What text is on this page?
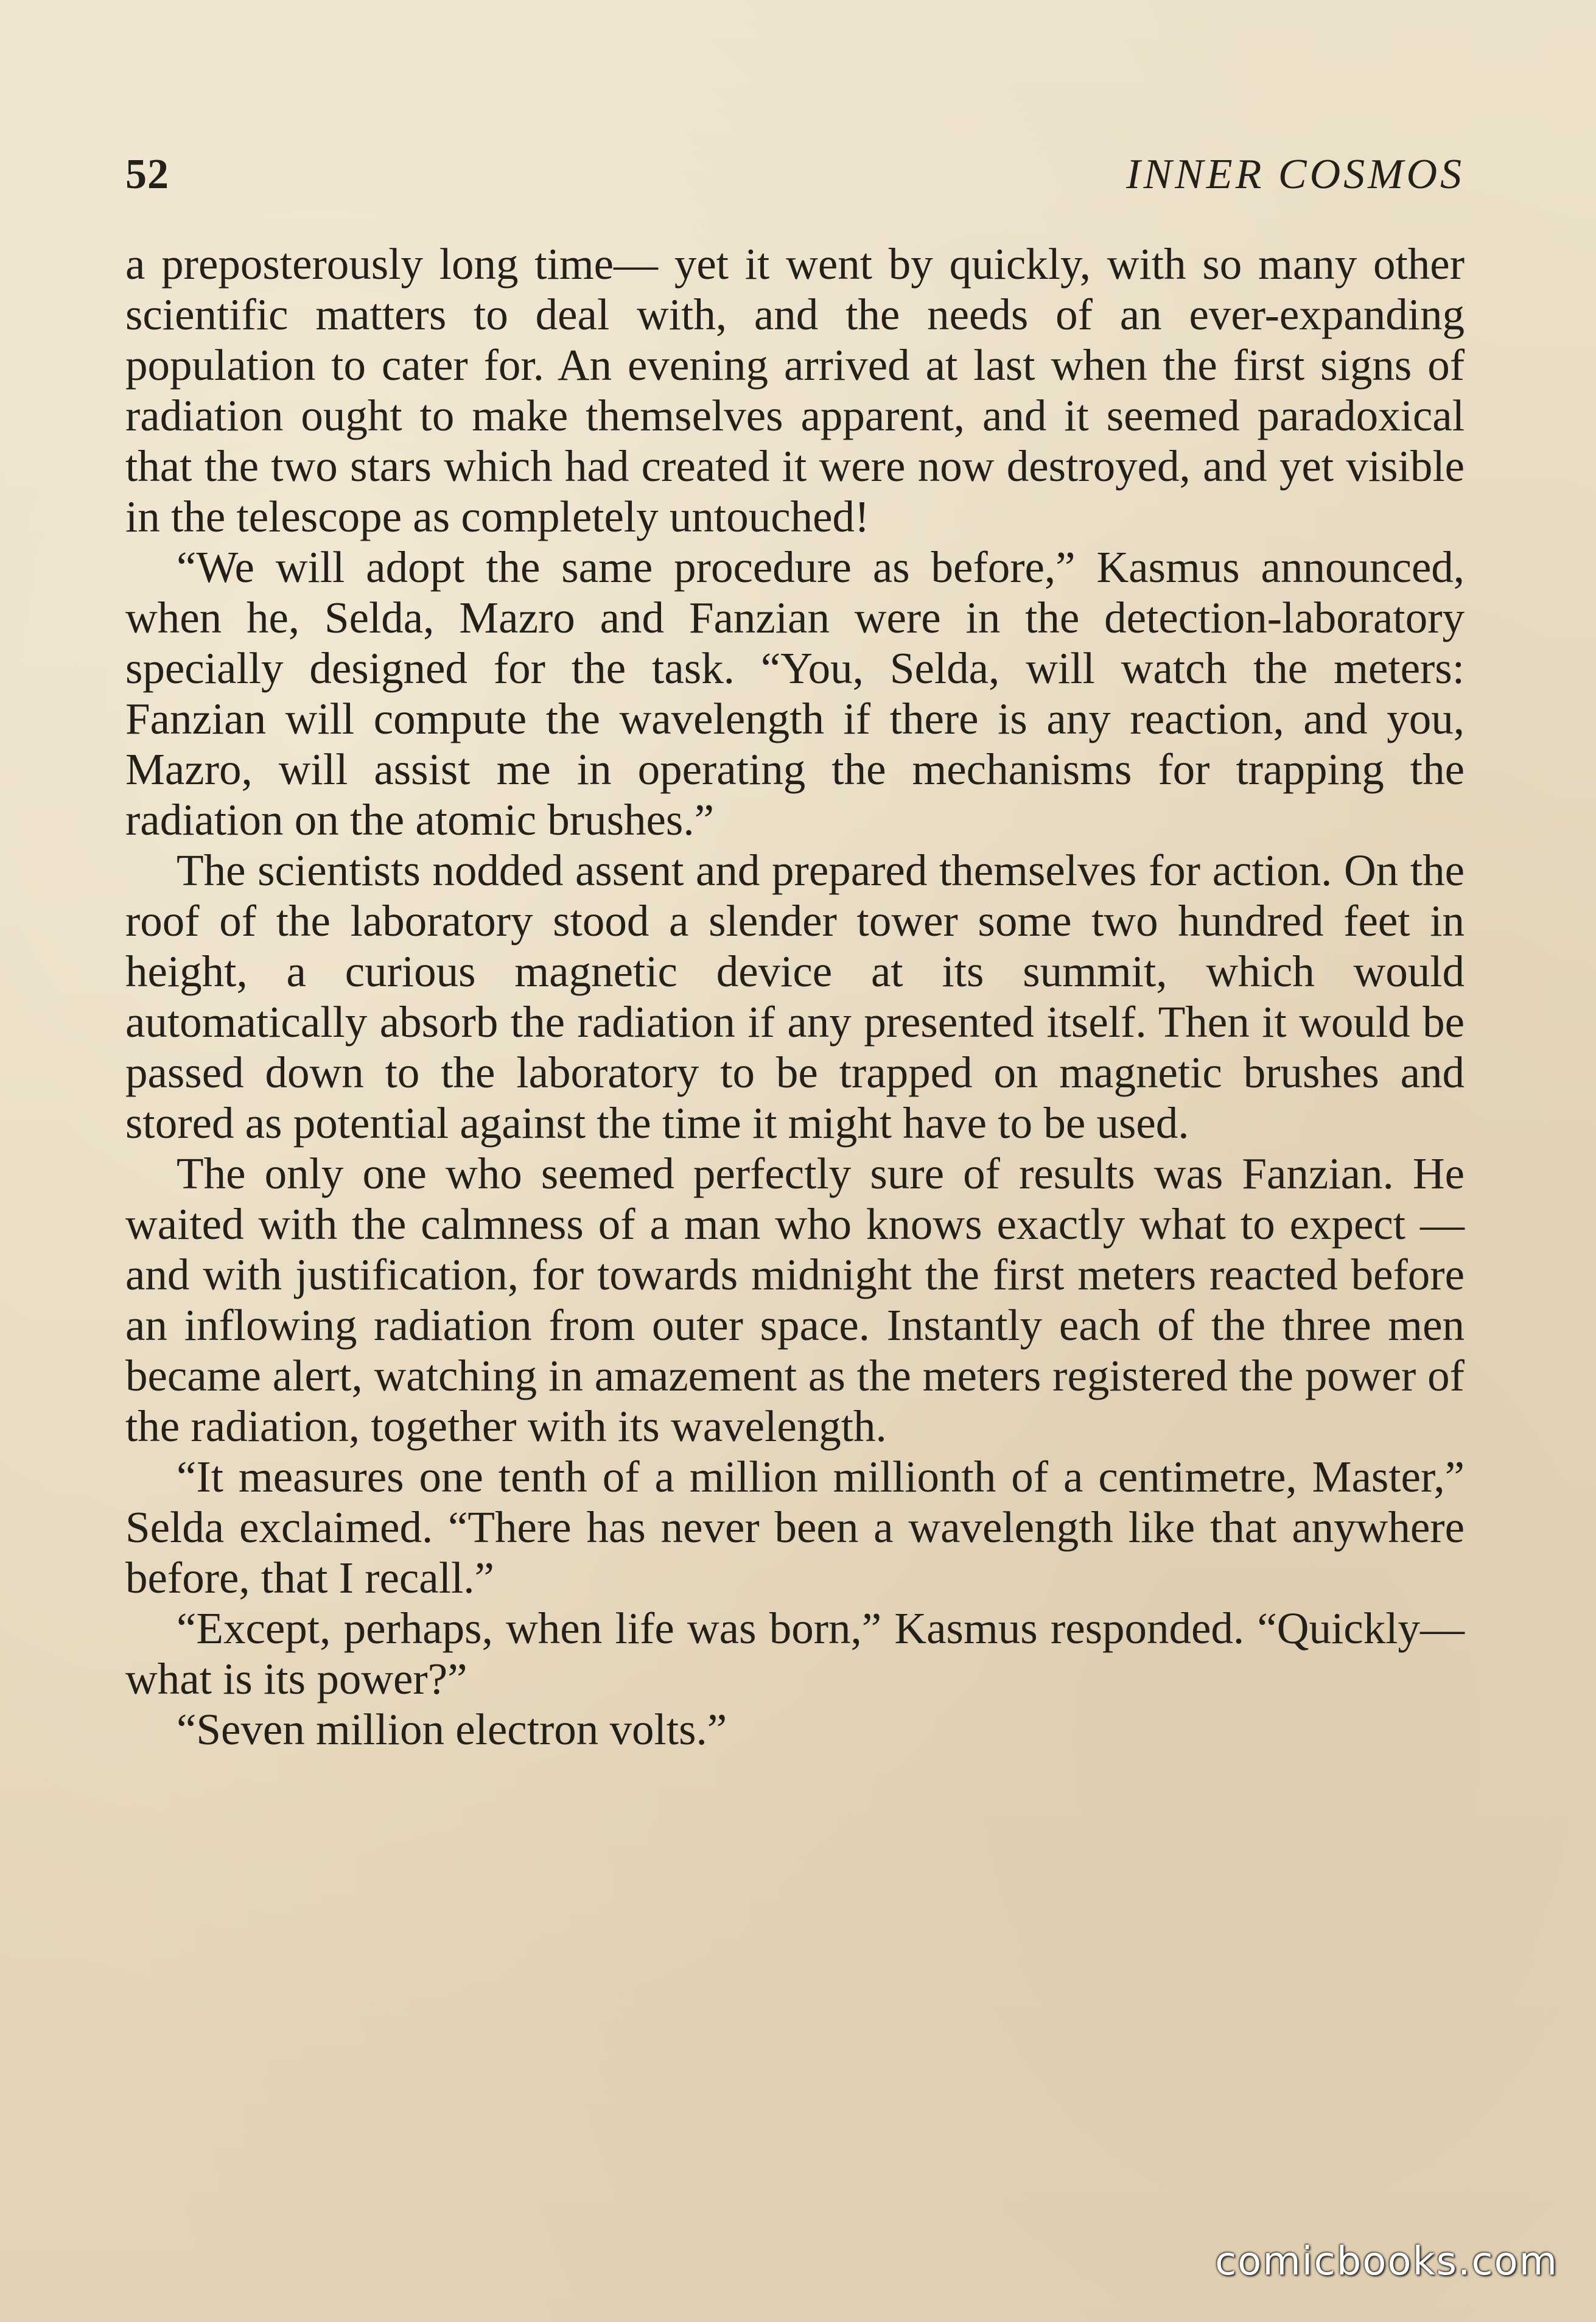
52	INNER COSMOS

a preposterously long time— yet it went by quickly, with so many other scientific matters to deal with, and the needs of an ever-expanding population to cater for. An evening arrived at last when the first signs of radiation ought to make themselves apparent, and it seemed paradoxical that the two stars which had created it were now destroyed, and yet visible in the telescope as completely untouched!

“We will adopt the same procedure as before,” Kasmus announced, when he, Selda, Mazro and Fanzian were in the detection-laboratory specially designed for the task. “You, Selda, will watch the meters: Fanzian will compute the wavelength if there is any reaction, and you, Mazro, will assist me in operating the mechanisms for trapping the radiation on the atomic brushes.”

The scientists nodded assent and prepared themselves for action. On the roof of the laboratory stood a slender tower some two hundred feet in height, a curious magnetic device at its summit, which would automatically absorb the radiation if any presented itself. Then it would be passed down to the laboratory to be trapped on magnetic brushes and stored as potential against the time it might have to be used.

The only one who seemed perfectly sure of results was Fanzian. He waited with the calmness of a man who knows exactly what to expect — and with justification, for towards midnight the first meters reacted before an inflowing radiation from outer space. Instantly each of the three men became alert, watching in amazement as the meters registered the power of the radiation, together with its wavelength.

“It measures one tenth of a million millionth of a centimetre, Master,” Selda exclaimed. “There has never been a wavelength like that anywhere before, that I recall.”

“Except, perhaps, when life was born,” Kasmus responded. “Quickly—what is its power?”

“Seven million electron volts.”

comicbooks.com
